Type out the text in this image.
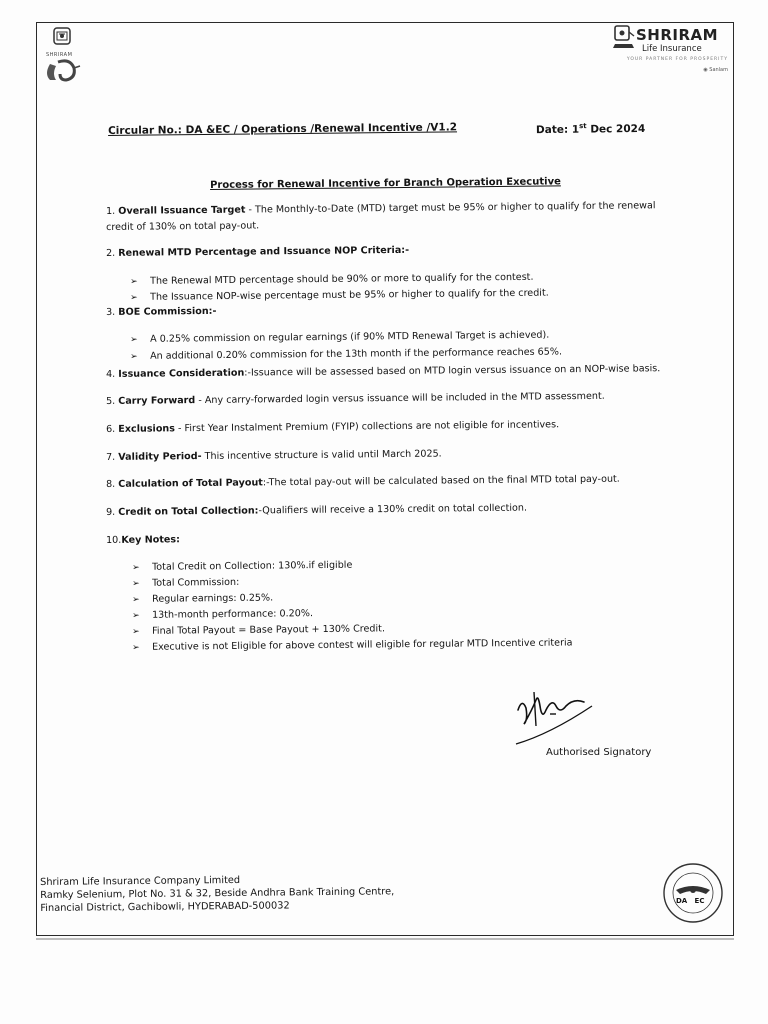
SHRIRAM
SHRIRAM
Life Insurance
YOUR PARTNER FOR PROSPERITY
◉ Sanlam
Circular No.: DA &EC / Operations /Renewal Incentive /V1.2	Date: 1st Dec 2024
Process for Renewal Incentive for Branch Operation Executive
1. Overall Issuance Target - The Monthly-to-Date (MTD) target must be 95% or higher to qualify for the renewal
credit of 130% on total pay-out.
2. Renewal MTD Percentage and Issuance NOP Criteria:-
➢ The Renewal MTD percentage should be 90% or more to qualify for the contest.
➢ The Issuance NOP-wise percentage must be 95% or higher to qualify for the credit.
3. BOE Commission:-
➢ A 0.25% commission on regular earnings (if 90% MTD Renewal Target is achieved).
➢ An additional 0.20% commission for the 13th month if the performance reaches 65%.
4. Issuance Consideration:-Issuance will be assessed based on MTD login versus issuance on an NOP-wise basis.
5. Carry Forward - Any carry-forwarded login versus issuance will be included in the MTD assessment.
6. Exclusions - First Year Instalment Premium (FYIP) collections are not eligible for incentives.
7. Validity Period- This incentive structure is valid until March 2025.
8. Calculation of Total Payout:-The total pay-out will be calculated based on the final MTD total pay-out.
9. Credit on Total Collection:-Qualifiers will receive a 130% credit on total collection.
10.Key Notes:
➢ Total Credit on Collection: 130%.if eligible
➢ Total Commission:
➢ Regular earnings: 0.25%.
➢ 13th-month performance: 0.20%.
➢ Final Total Payout = Base Payout + 130% Credit.
➢ Executive is not Eligible for above contest will eligible for regular MTD Incentive criteria
Authorised Signatory
Shriram Life Insurance Company Limited
Ramky Selenium, Plot No. 31 & 32, Beside Andhra Bank Training Centre,
Financial District, Gachibowli, HYDERABAD-500032	DA   EC
